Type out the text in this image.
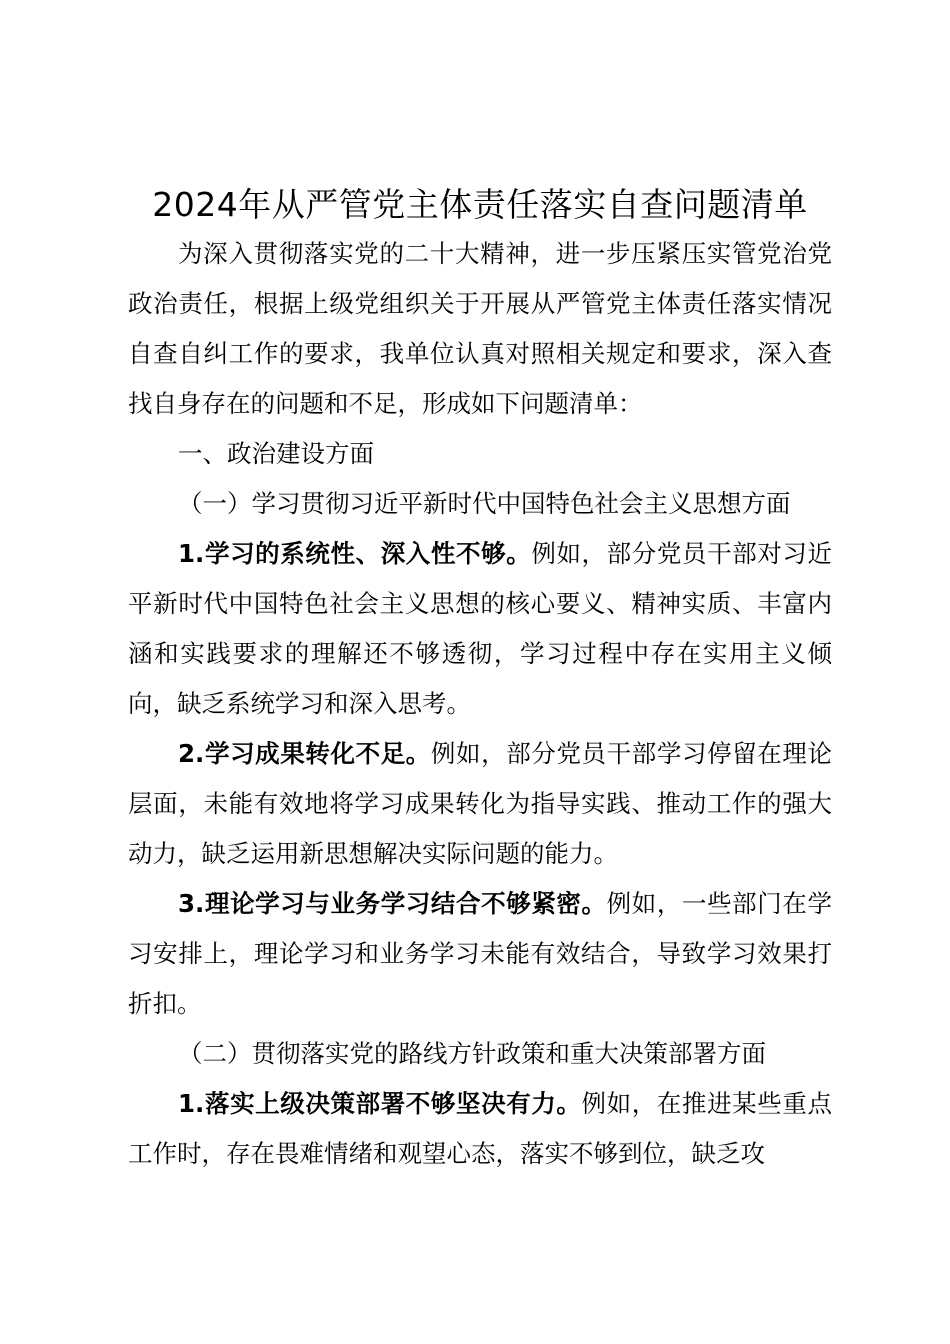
2024年从严管党主体责任落实自查问题清单

为深入贯彻落实党的二十大精神，进一步压紧压实管党治党政治责任，根据上级党组织关于开展从严管党主体责任落实情况自查自纠工作的要求，我单位认真对照相关规定和要求，深入查找自身存在的问题和不足，形成如下问题清单：

一、政治建设方面

（一）学习贯彻习近平新时代中国特色社会主义思想方面

1.学习的系统性、深入性不够。例如，部分党员干部对习近平新时代中国特色社会主义思想的核心要义、精神实质、丰富内涵和实践要求的理解还不够透彻，学习过程中存在实用主义倾向，缺乏系统学习和深入思考。

2.学习成果转化不足。例如，部分党员干部学习停留在理论层面，未能有效地将学习成果转化为指导实践、推动工作的强大动力，缺乏运用新思想解决实际问题的能力。

3.理论学习与业务学习结合不够紧密。例如，一些部门在学习安排上，理论学习和业务学习未能有效结合，导致学习效果打折扣。

（二）贯彻落实党的路线方针政策和重大决策部署方面

1.落实上级决策部署不够坚决有力。例如，在推进某些重点工作时，存在畏难情绪和观望心态，落实不够到位，缺乏攻
